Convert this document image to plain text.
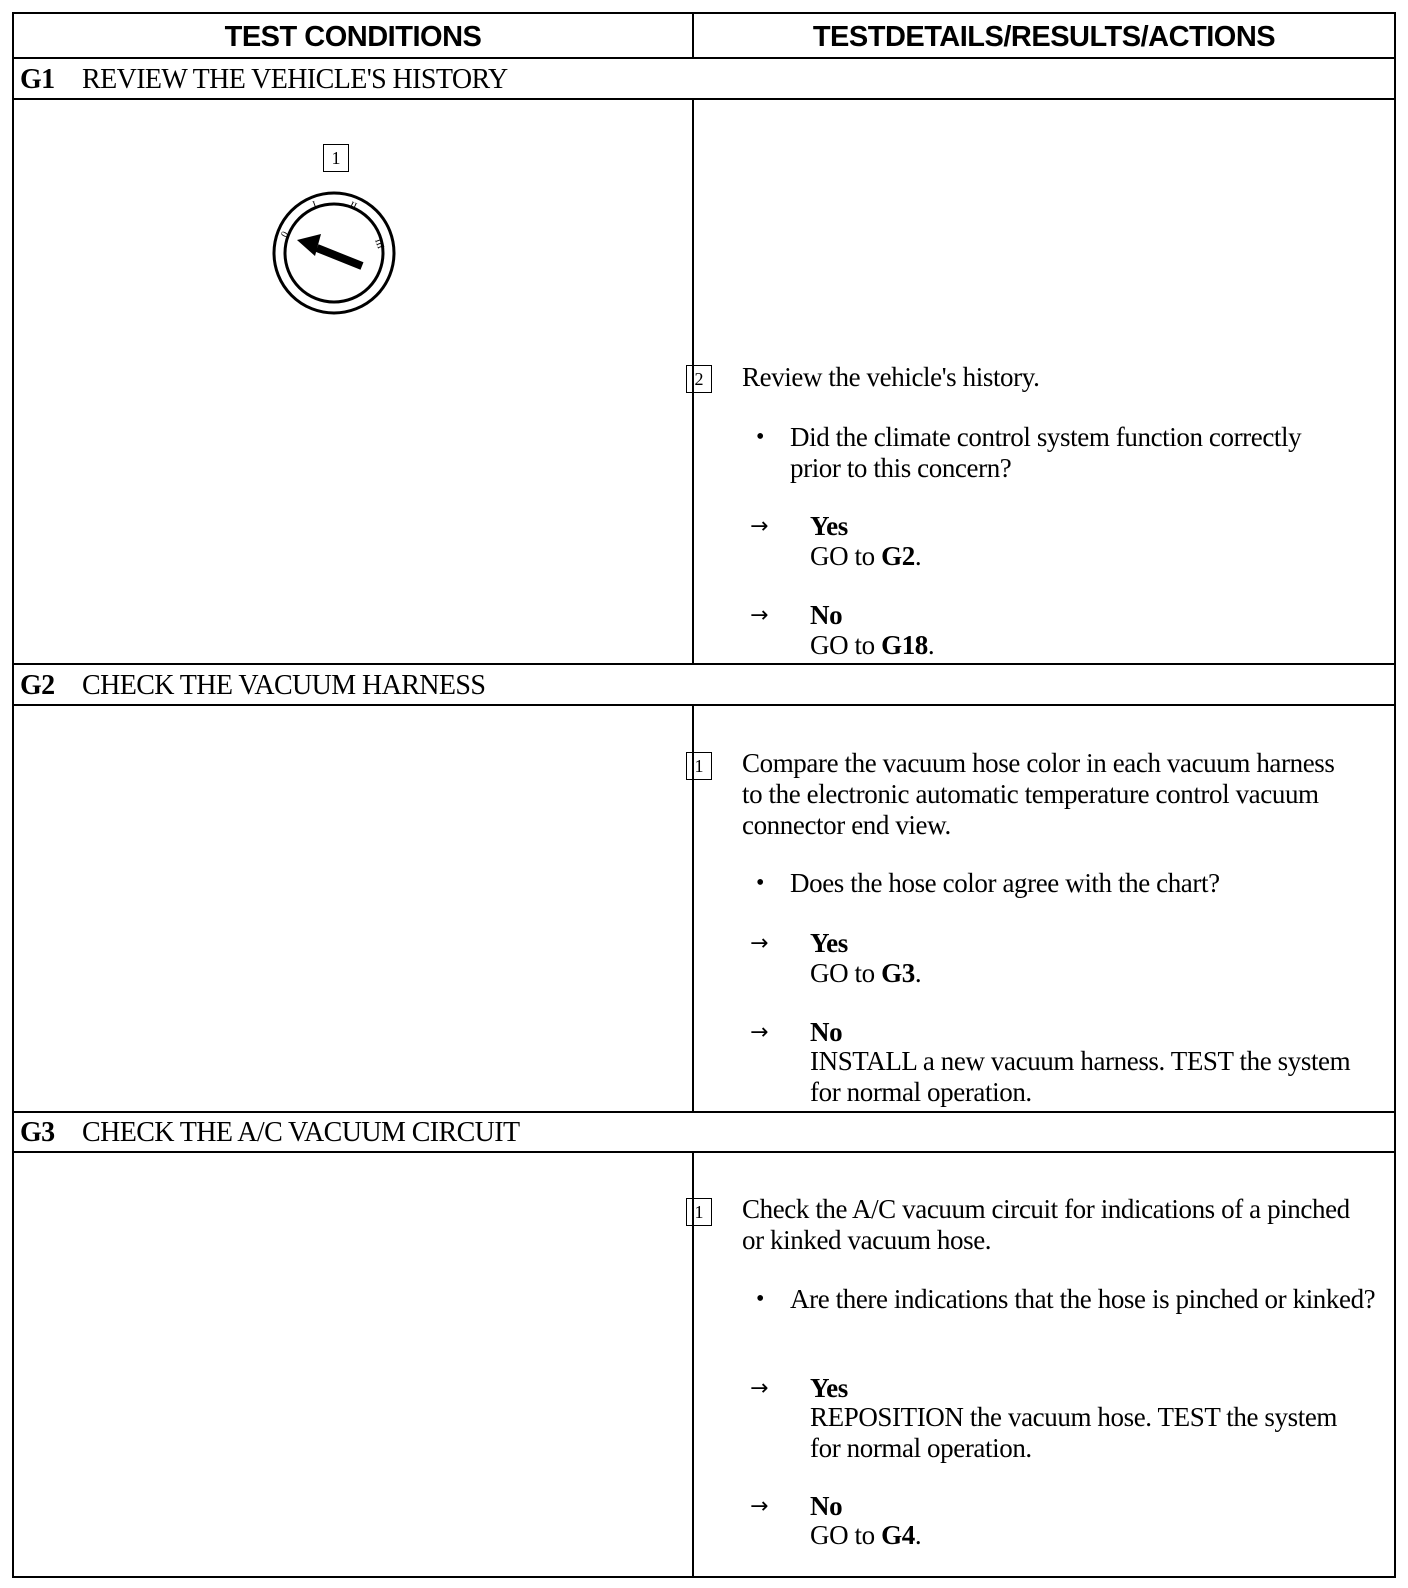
TEST CONDITIONS	TESTDETAILS/RESULTS/ACTIONS
G1 REVIEW THE VEHICLE'S HISTORY
1
0
I	II
III
2	Review the vehicle's history.
• Did the climate control system function correctly prior to this concern?
→ Yes
GO to G2.
→ No
GO to G18.
G2 CHECK THE VACUUM HARNESS
1	Compare the vacuum hose color in each vacuum harness to the electronic automatic temperature control vacuum connector end view.
• Does the hose color agree with the chart?
→ Yes
GO to G3.
→ No
INSTALL a new vacuum harness. TEST the system for normal operation.
G3 CHECK THE A/C VACUUM CIRCUIT
1	Check the A/C vacuum circuit for indications of a pinched or kinked vacuum hose.
• Are there indications that the hose is pinched or kinked?
→ Yes
REPOSITION the vacuum hose. TEST the system for normal operation.
→ No
GO to G4.
